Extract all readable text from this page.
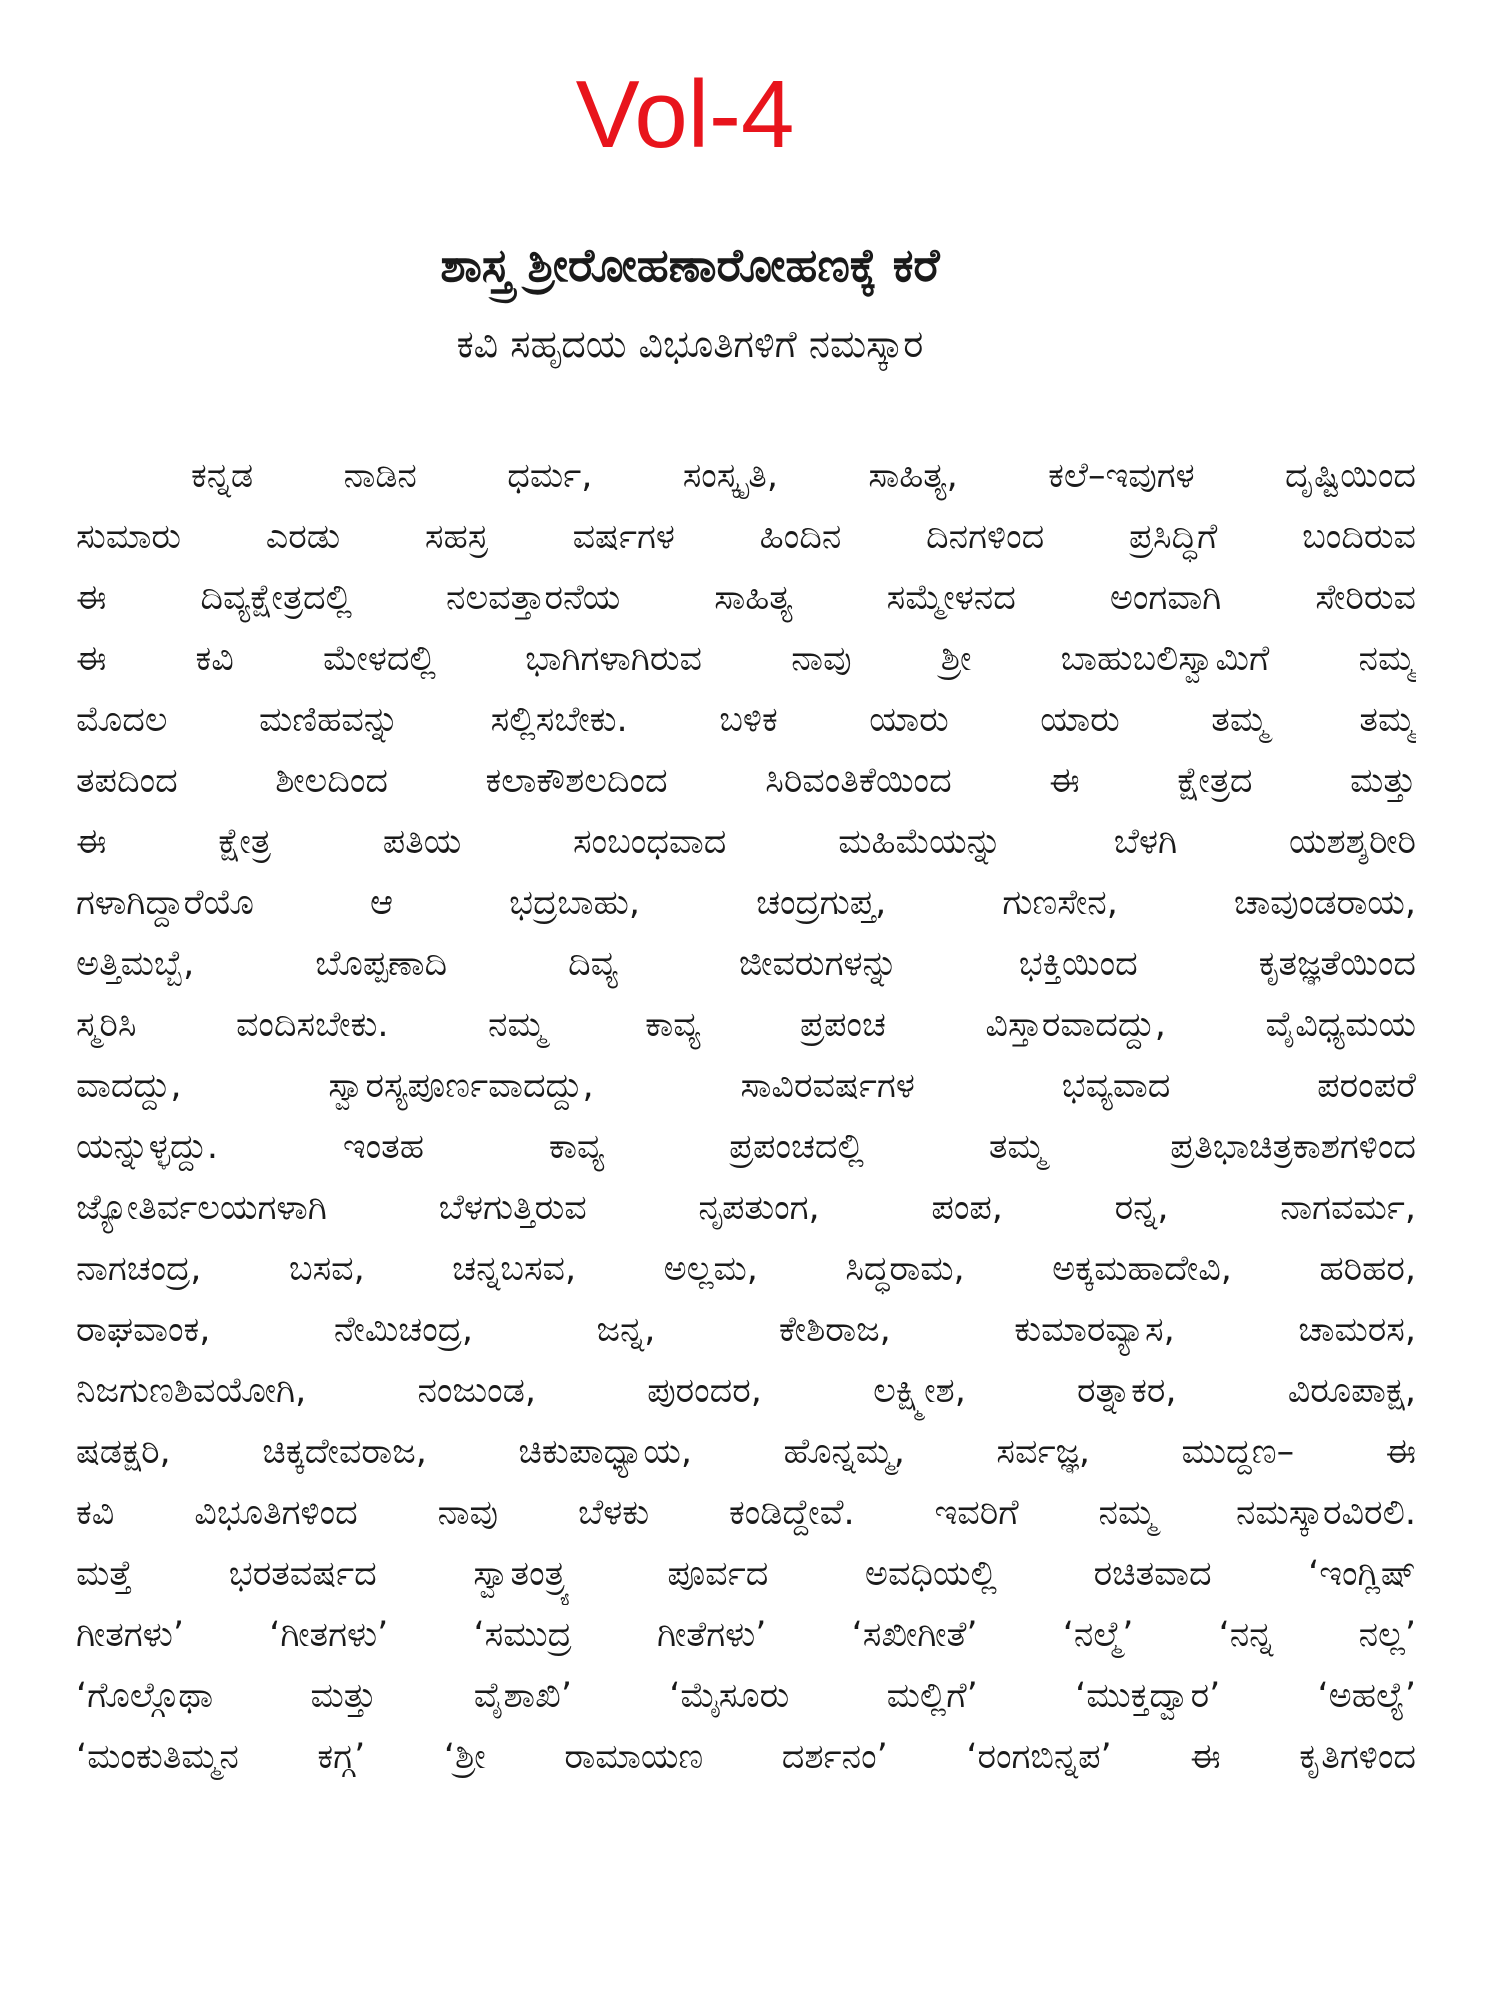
Vol-4
ಶಾಸ್ತ್ರ ಶ್ರೀರೋಹಣಾರೋಹಣಕ್ಕೆ ಕರೆ
ಕವಿ ಸಹೃದಯ ವಿಭೂತಿಗಳಿಗೆ ನಮಸ್ಕಾರ
ಕನ್ನಡ ನಾಡಿನ ಧರ್ಮ, ಸಂಸ್ಕೃತಿ, ಸಾಹಿತ್ಯ, ಕಲೆ–ಇವುಗಳ ದೃಷ್ಟಿಯಿಂದ
ಸುಮಾರು ಎರಡು ಸಹಸ್ರ ವರ್ಷಗಳ ಹಿಂದಿನ ದಿನಗಳಿಂದ ಪ್ರಸಿದ್ಧಿಗೆ ಬಂದಿರುವ
ಈ ದಿವ್ಯಕ್ಷೇತ್ರದಲ್ಲಿ ನಲವತ್ತಾರನೆಯ ಸಾಹಿತ್ಯ ಸಮ್ಮೇಳನದ ಅಂಗವಾಗಿ ಸೇರಿರುವ
ಈ ಕವಿ ಮೇಳದಲ್ಲಿ ಭಾಗಿಗಳಾಗಿರುವ ನಾವು ಶ್ರೀ ಬಾಹುಬಲಿಸ್ವಾಮಿಗೆ ನಮ್ಮ
ಮೊದಲ ಮಣಿಹವನ್ನು ಸಲ್ಲಿಸಬೇಕು. ಬಳಿಕ ಯಾರು ಯಾರು ತಮ್ಮ ತಮ್ಮ
ತಪದಿಂದ ಶೀಲದಿಂದ ಕಲಾಕೌಶಲದಿಂದ ಸಿರಿವಂತಿಕೆಯಿಂದ ಈ ಕ್ಷೇತ್ರದ ಮತ್ತು
ಈ ಕ್ಷೇತ್ರ ಪತಿಯ ಸಂಬಂಧವಾದ ಮಹಿಮೆಯನ್ನು ಬೆಳಗಿ ಯಶಶ್ಶರೀರಿ
ಗಳಾಗಿದ್ದಾರೆಯೊ ಆ ಭದ್ರಬಾಹು, ಚಂದ್ರಗುಪ್ತ, ಗುಣಸೇನ, ಚಾವುಂಡರಾಯ,
ಅತ್ತಿಮಬ್ಬೆ, ಬೊಪ್ಪಣಾದಿ ದಿವ್ಯ ಜೀವರುಗಳನ್ನು ಭಕ್ತಿಯಿಂದ ಕೃತಜ್ಞತೆಯಿಂದ
ಸ್ಮರಿಸಿ ವಂದಿಸಬೇಕು. ನಮ್ಮ ಕಾವ್ಯ ಪ್ರಪಂಚ ವಿಸ್ತಾರವಾದದ್ದು, ವೈವಿಧ್ಯಮಯ
ವಾದದ್ದು, ಸ್ವಾರಸ್ಯಪೂರ್ಣವಾದದ್ದು, ಸಾವಿರವರ್ಷಗಳ ಭವ್ಯವಾದ ಪರಂಪರೆ
ಯನ್ನುಳ್ಳದ್ದು. ಇಂತಹ ಕಾವ್ಯ ಪ್ರಪಂಚದಲ್ಲಿ ತಮ್ಮ ಪ್ರತಿಭಾಚಿತ್ರಕಾಶಗಳಿಂದ
ಜ್ಯೋತಿರ್ವಲಯಗಳಾಗಿ ಬೆಳಗುತ್ತಿರುವ ನೃಪತುಂಗ, ಪಂಪ, ರನ್ನ, ನಾಗವರ್ಮ,
ನಾಗಚಂದ್ರ, ಬಸವ, ಚನ್ನಬಸವ, ಅಲ್ಲಮ, ಸಿದ್ಧರಾಮ, ಅಕ್ಕಮಹಾದೇವಿ, ಹರಿಹರ,
ರಾಘವಾಂಕ, ನೇಮಿಚಂದ್ರ, ಜನ್ನ, ಕೇಶಿರಾಜ, ಕುಮಾರವ್ಯಾಸ, ಚಾಮರಸ,
ನಿಜಗುಣಶಿವಯೋಗಿ, ನಂಜುಂಡ, ಪುರಂದರ, ಲಕ್ಷ್ಮೀಶ, ರತ್ನಾಕರ, ವಿರೂಪಾಕ್ಷ,
ಷಡಕ್ಷರಿ, ಚಿಕ್ಕದೇವರಾಜ, ಚಿಕುಪಾಧ್ಯಾಯ, ಹೊನ್ನಮ್ಮ, ಸರ್ವಜ್ಞ, ಮುದ್ದಣ– ಈ
ಕವಿ ವಿಭೂತಿಗಳಿಂದ ನಾವು ಬೆಳಕು ಕಂಡಿದ್ದೇವೆ. ಇವರಿಗೆ ನಮ್ಮ ನಮಸ್ಕಾರವಿರಲಿ.
ಮತ್ತೆ ಭರತವರ್ಷದ ಸ್ವಾತಂತ್ರ್ಯ ಪೂರ್ವದ ಅವಧಿಯಲ್ಲಿ ರಚಿತವಾದ ‘ಇಂಗ್ಲಿಷ್
ಗೀತಗಳು’ ‘ಗೀತಗಳು’ ‘ಸಮುದ್ರ ಗೀತೆಗಳು’ ‘ಸಖೀಗೀತೆ’ ‘ನಲ್ಮೆ’ ‘ನನ್ನ ನಲ್ಲ’
‘ಗೊಲ್ಗೊಥಾ ಮತ್ತು ವೈಶಾಖಿ’ ‘ಮೈಸೂರು ಮಲ್ಲಿಗೆ’ ‘ಮುಕ್ತದ್ವಾರ’ ‘ಅಹಲ್ಯೆ’
‘ಮಂಕುತಿಮ್ಮನ ಕಗ್ಗ’ ‘ಶ್ರೀ ರಾಮಾಯಣ ದರ್ಶನಂ’ ‘ರಂಗಬಿನ್ನಪ’ ಈ ಕೃತಿಗಳಿಂದ
